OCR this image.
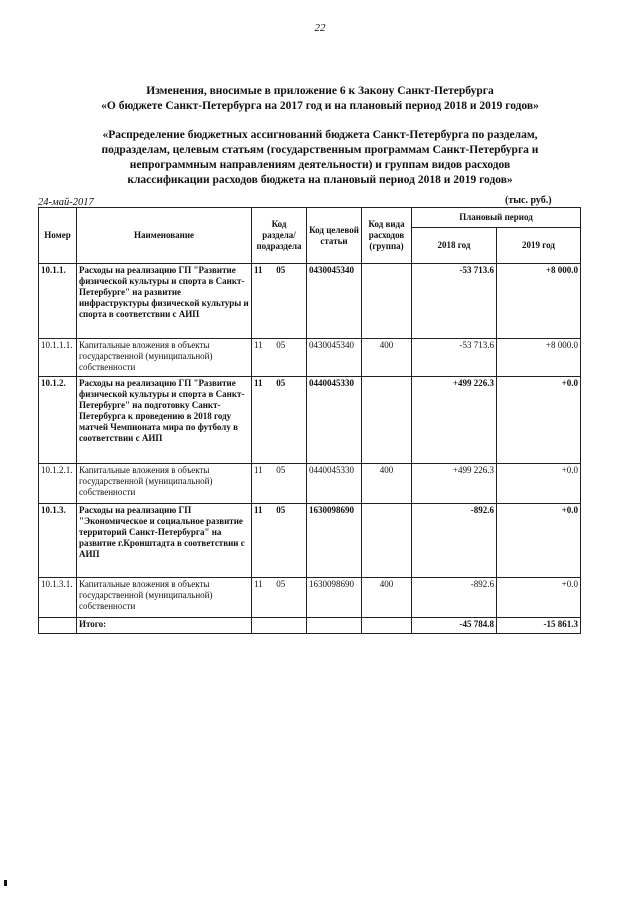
22
Изменения, вносимые в приложение 6 к Закону Санкт-Петербурга
«О бюджете Санкт-Петербурга на 2017 год и на плановый период 2018 и 2019 годов»
«Распределение бюджетных ассигнований бюджета Санкт-Петербурга по разделам,
подразделам, целевым статьям (государственным программам Санкт-Петербурга и
непрограммным направлениям деятельности) и группам видов расходов
классификации расходов бюджета на плановый период 2018 и 2019 годов»
24-май-2017	(тыс. руб.)
Номер	Наименование	Код раздела/ подраздела	Код целевой статьи	Код вида расходов (группа)	Плановый период	
					2018 год	2019 год
10.1.1.	Расходы на реализацию ГП "Развитие физической культуры и спорта в Санкт-Петербурге" на развитие инфраструктуры физической культуры и спорта в соответствии с АИП	11 05	0430045340		-53 713.6	+8 000.0
10.1.1.1.	Капитальные вложения в объекты государственной (муниципальной) собственности	11 05	0430045340	400	-53 713.6	+8 000.0
10.1.2.	Расходы на реализацию ГП "Развитие физической культуры и спорта в Санкт-Петербурге" на подготовку Санкт-Петербурга к проведению в 2018 году матчей Чемпионата мира по футболу в соответствии с АИП	11 05	0440045330		+499 226.3	+0.0
10.1.2.1.	Капитальные вложения в объекты государственной (муниципальной) собственности	11 05	0440045330	400	+499 226.3	+0.0
10.1.3.	Расходы на реализацию ГП "Экономическое и социальное развитие территорий Санкт-Петербурга" на развитие г.Кронштадта в соответствии с АИП	11 05	1630098690		-892.6	+0.0
10.1.3.1.	Капитальные вложения в объекты государственной (муниципальной) собственности	11 05	1630098690	400	-892.6	+0.0
	Итого:				-45 784.8	-15 861.3
